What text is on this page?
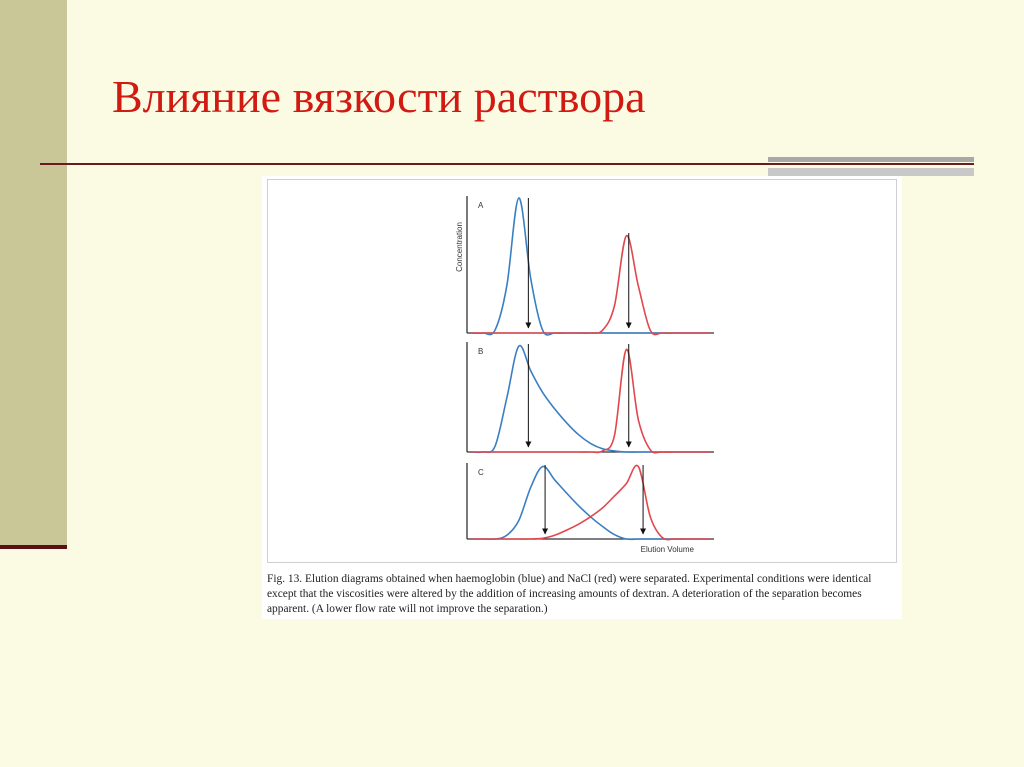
Влияние вязкости раствора
A
Concentration
B
C
Elution Volume
Fig. 13. Elution diagrams obtained when haemoglobin (blue) and NaCl (red) were separated. Experimental conditions were identical except that the viscosities were altered by the addition of increasing amounts of dextran. A deterioration of the separation becomes apparent. (A lower flow rate will not improve the separation.)
